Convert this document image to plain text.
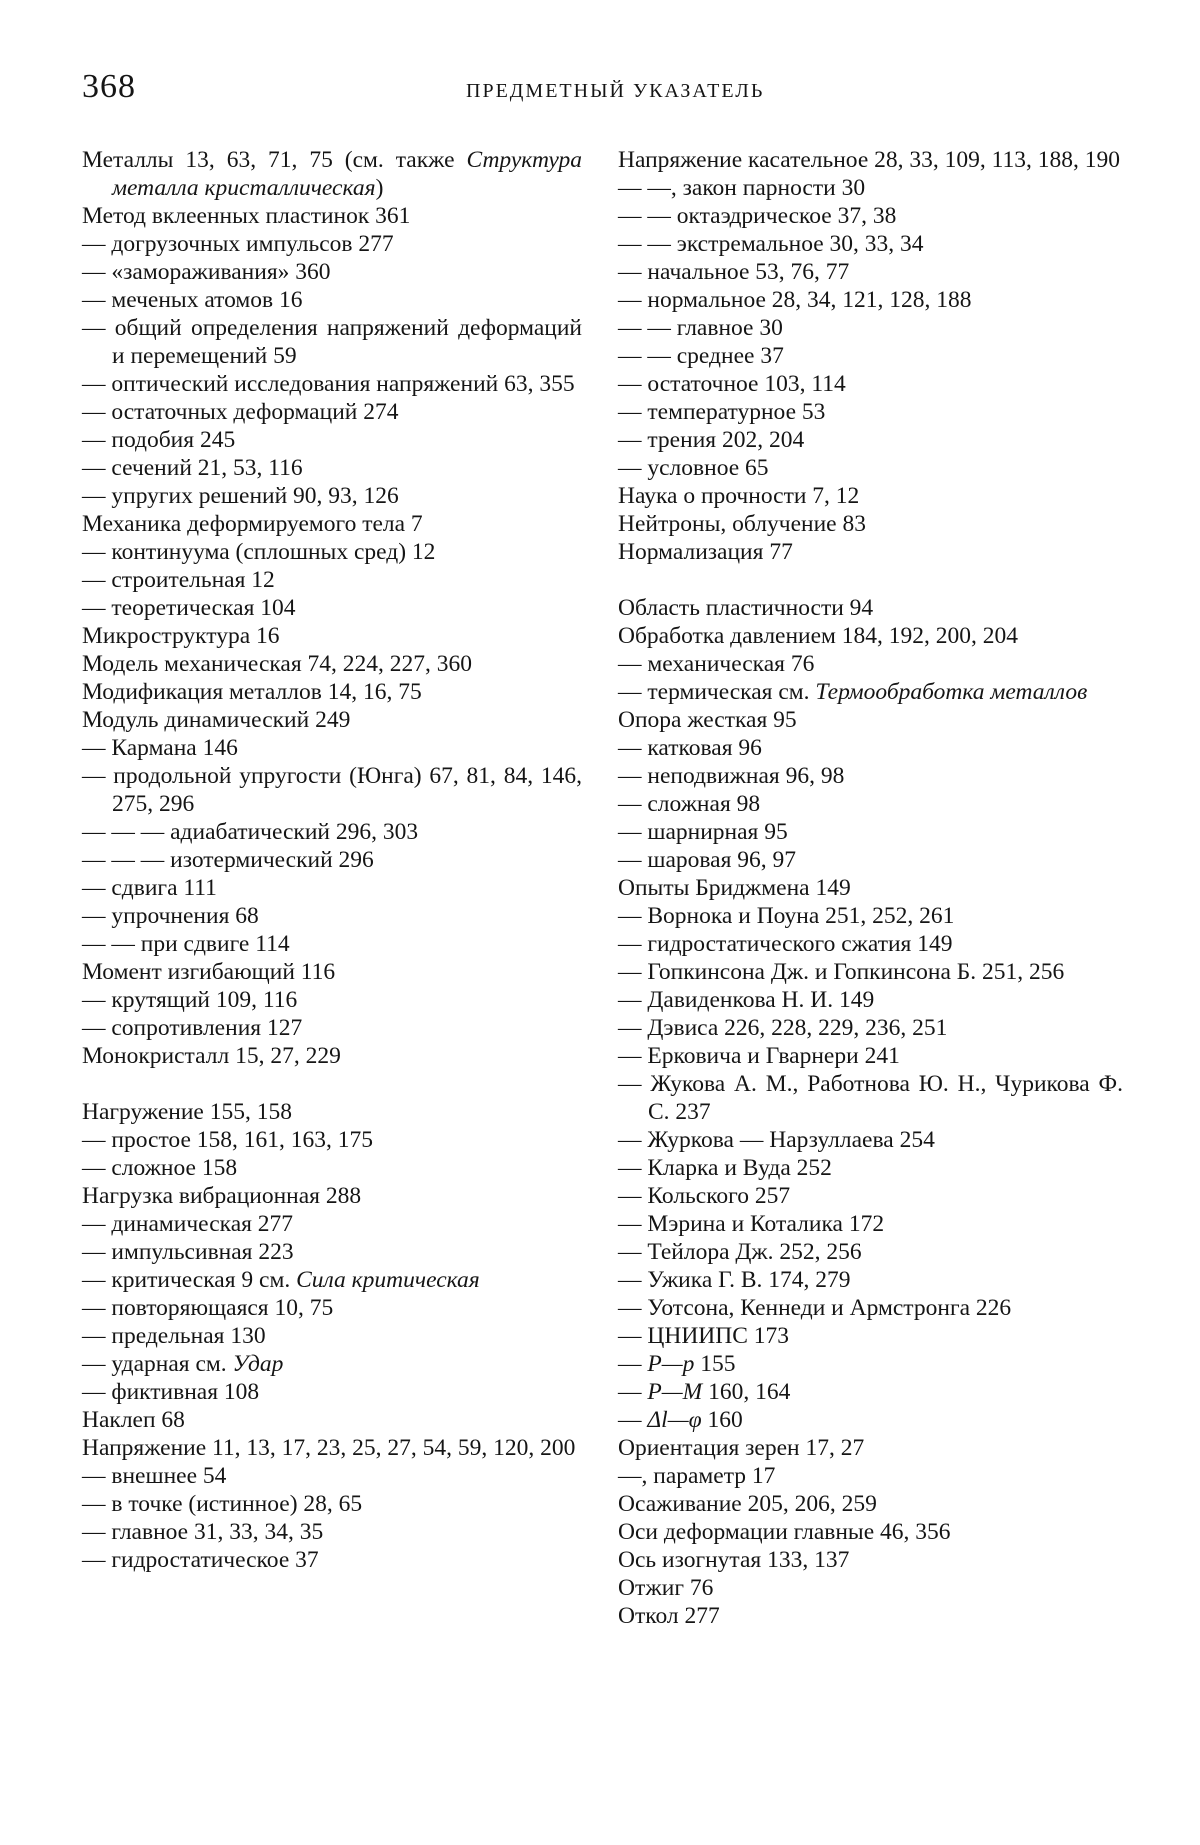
368	ПРЕДМЕТНЫЙ УКАЗАТЕЛЬ
Металлы 13, 63, 71, 75 (см. также Структура металла кристаллическая)
Метод вклеенных пластинок 361
— догрузочных импульсов 277
— «замораживания» 360
— меченых атомов 16
— общий определения напряжений деформаций и перемещений 59
— оптический исследования напряжений 63, 355
— остаточных деформаций 274
— подобия 245
— сечений 21, 53, 116
— упругих решений 90, 93, 126
Механика деформируемого тела 7
— континуума (сплошных сред) 12
— строительная 12
— теоретическая 104
Микроструктура 16
Модель механическая 74, 224, 227, 360
Модификация металлов 14, 16, 75
Модуль динамический 249
— Кармана 146
— продольной упругости (Юнга) 67, 81, 84, 146, 275, 296
— — — адиабатический 296, 303
— — — изотермический 296
— сдвига 111
— упрочнения 68
— — при сдвиге 114
Момент изгибающий 116
— крутящий 109, 116
— сопротивления 127
Монокристалл 15, 27, 229
Нагружение 155, 158
— простое 158, 161, 163, 175
— сложное 158
Нагрузка вибрационная 288
— динамическая 277
— импульсивная 223
— критическая 9 см. Сила критическая
— повторяющаяся 10, 75
— предельная 130
— ударная см. Удар
— фиктивная 108
Наклеп 68
Напряжение 11, 13, 17, 23, 25, 27, 54, 59, 120, 200
— внешнее 54
— в точке (истинное) 28, 65
— главное 31, 33, 34, 35
— гидростатическое 37
Напряжение касательное 28, 33, 109, 113, 188, 190
— —, закон парности 30
— — октаэдрическое 37, 38
— — экстремальное 30, 33, 34
— начальное 53, 76, 77
— нормальное 28, 34, 121, 128, 188
— — главное 30
— — среднее 37
— остаточное 103, 114
— температурное 53
— трения 202, 204
— условное 65
Наука о прочности 7, 12
Нейтроны, облучение 83
Нормализация 77
Область пластичности 94
Обработка давлением 184, 192, 200, 204
— механическая 76
— термическая см. Термообработка металлов
Опора жесткая 95
— катковая 96
— неподвижная 96, 98
— сложная 98
— шарнирная 95
— шаровая 96, 97
Опыты Бриджмена 149
— Ворнока и Поуна 251, 252, 261
— гидростатического сжатия 149
— Гопкинсона Дж. и Гопкинсона Б. 251, 256
— Давиденкова Н. И. 149
— Дэвиса 226, 228, 229, 236, 251
— Ерковича и Гварнери 241
— Жукова А. М., Работнова Ю. Н., Чурикова Ф. С. 237
— Журкова — Нарзуллаева 254
— Кларка и Вуда 252
— Кольского 257
— Мэрина и Коталика 172
— Тейлора Дж. 252, 256
— Ужика Г. В. 174, 279
— Уотсона, Кеннеди и Армстронга 226
— ЦНИИПС 173
— P—p 155
— P—M 160, 164
— Δl—φ 160
Ориентация зерен 17, 27
—, параметр 17
Осаживание 205, 206, 259
Оси деформации главные 46, 356
Ось изогнутая 133, 137
Отжиг 76
Откол 277
